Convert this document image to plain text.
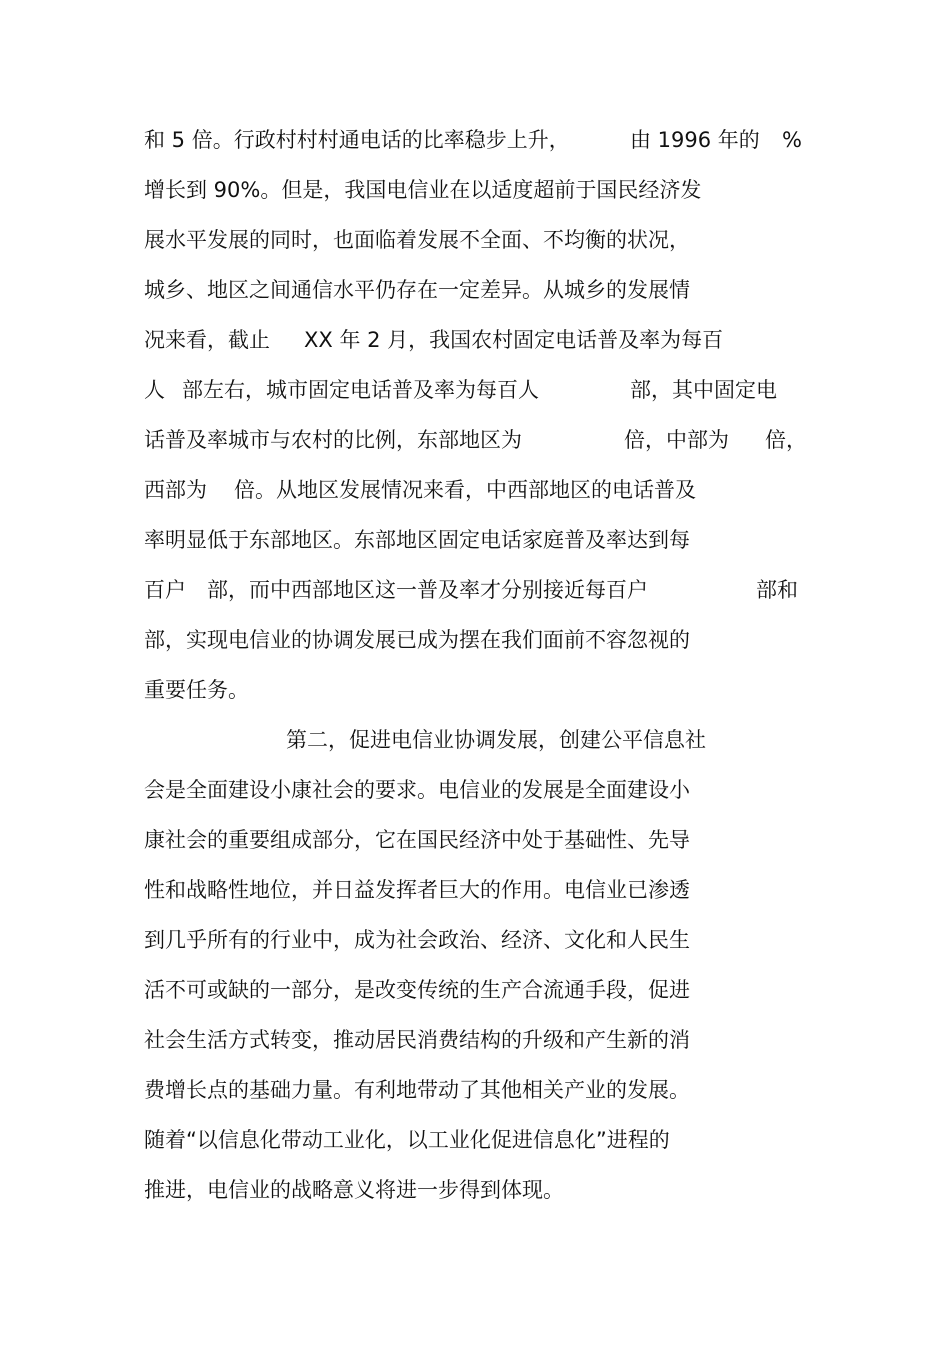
和 5 倍。行政村村村通电话的比率稳步上升，	由 1996 年的 %
增长到 90%。但是，我国电信业在以适度超前于国民经济发
展水平发展的同时，也面临着发展不全面、不均衡的状况，
城乡、地区之间通信水平仍存在一定差异。从城乡的发展情
况来看，截止 XX 年 2 月，我国农村固定电话普及率为每百
人 部左右，城市固定电话普及率为每百人	部，其中固定电
话普及率城市与农村的比例，东部地区为	倍，中部为 倍，
西部为 倍。从地区发展情况来看，中西部地区的电话普及
率明显低于东部地区。东部地区固定电话家庭普及率达到每
百户 部，而中西部地区这一普及率才分别接近每百户	部和
部，实现电信业的协调发展已成为摆在我们面前不容忽视的
重要任务。
第二，促进电信业协调发展，创建公平信息社
会是全面建设小康社会的要求。电信业的发展是全面建设小
康社会的重要组成部分，它在国民经济中处于基础性、先导
性和战略性地位，并日益发挥者巨大的作用。电信业已渗透
到几乎所有的行业中，成为社会政治、经济、文化和人民生
活不可或缺的一部分，是改变传统的生产合流通手段，促进
社会生活方式转变，推动居民消费结构的升级和产生新的消
费增长点的基础力量。有利地带动了其他相关产业的发展。
随着“以信息化带动工业化，以工业化促进信息化”进程的
推进，电信业的战略意义将进一步得到体现。
